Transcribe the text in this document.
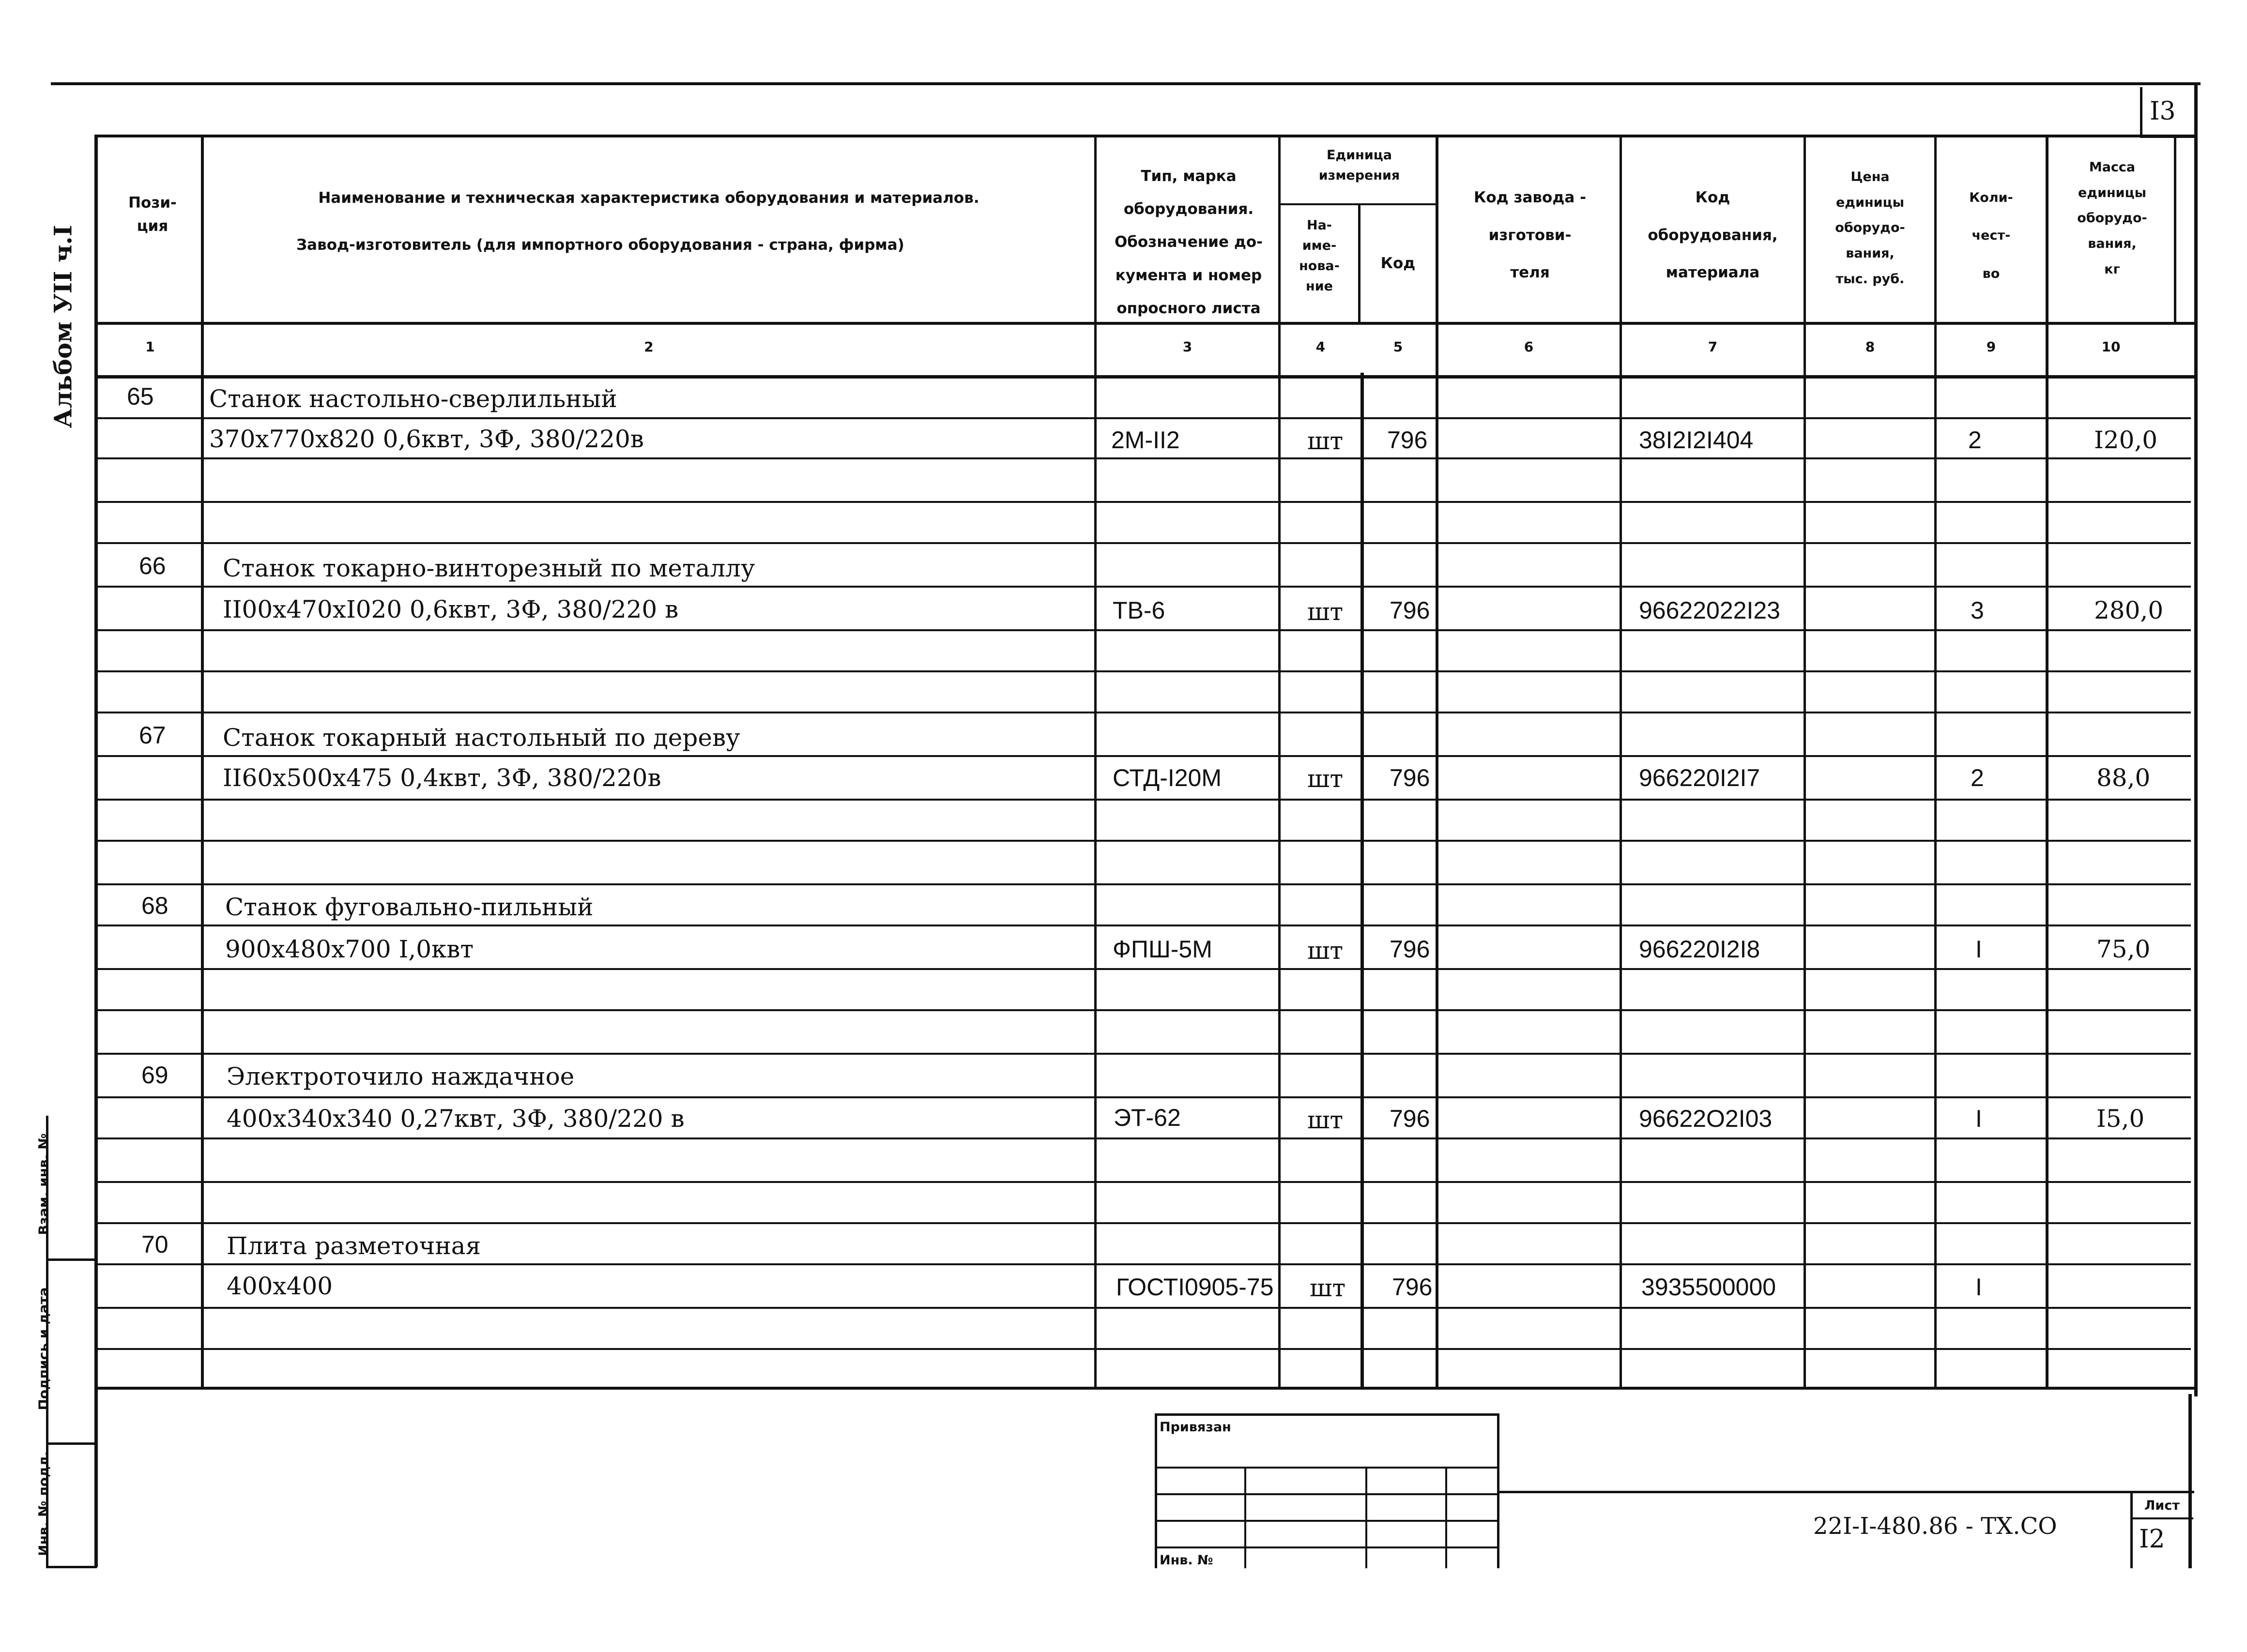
I3
Пози-
ция
Наименование и техническая характеристика оборудования и материалов.
Завод-изготовитель (для импортного оборудования - страна, фирма)
Тип, марка
оборудования.
Обозначение до-
кумента и номер
опросного листа
Единица
измерения
На-
име-
нова-
ние
Код
Код завода -
изготови-
теля
Код
оборудования,
материала
Цена
единицы
оборудо-
вания,
тыс. руб.
Коли-
чест-
во
Масса
единицы
оборудо-
вания,
кг
1	2	3	4	5	6	7	8	9	10
65 Станок настольно-сверлильный
370х770х820 0,6квт, 3Ф, 380/220в	2М-II2	шт 796	38I2I2I404	2	I20,0
66 Станок токарно-винторезный по металлу
II00х470хI020 0,6квт, 3Ф, 380/220 в	ТВ-6	шт 796	96622022I23	3	280,0
67 Станок токарный настольный по дереву
II60х500х475 0,4квт, 3Ф, 380/220в	СТД-I20М	шт 796	966220I2I7	2	88,0
68 Станок фуговально-пильный
900х480х700 I,0квт	ФПШ-5М	шт 796	966220I2I8	I	75,0
69 Электроточило наждачное
400х340х340 0,27квт, 3Ф, 380/220 в	ЭТ-62	шт 796	96622О2I03	I	I5,0
70 Плита разметочная
400х400	ГОСТI0905-75 шт 796	3935500000	I
Альбом УII ч.I
Взам. инв. №
Подпись и дата
Инв. № подл.
Привязан
Инв. №
22I-I-480.86 - ТХ.СО
Лист
I2
